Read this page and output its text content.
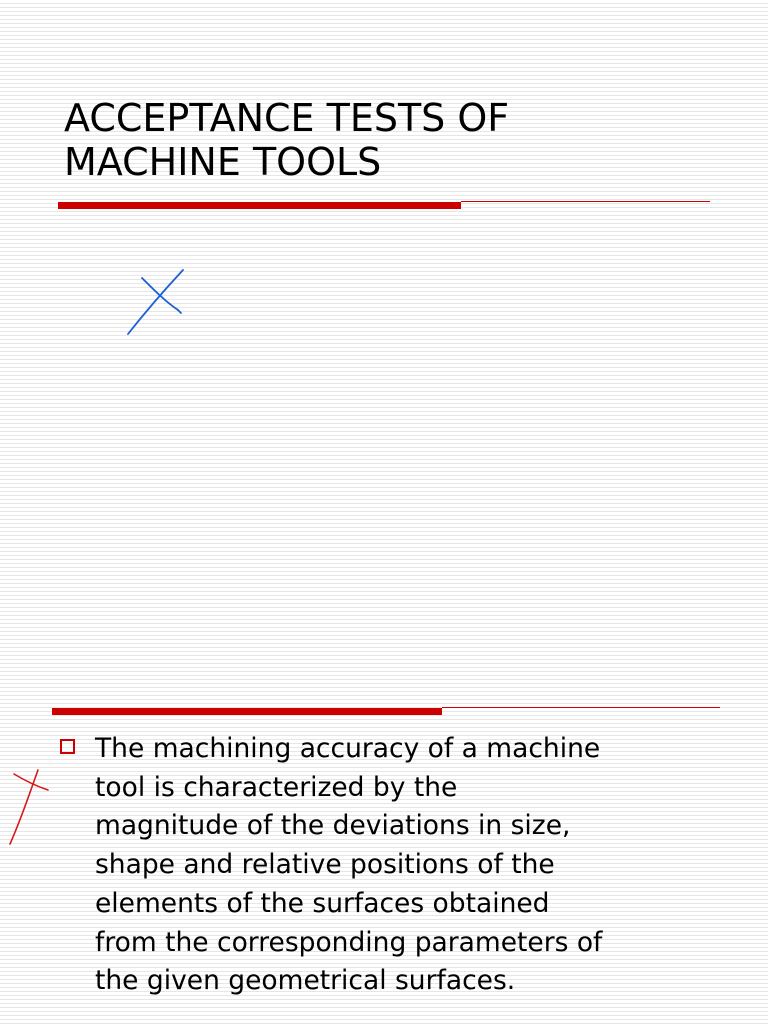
ACCEPTANCE TESTS OF
MACHINE TOOLS
The machining accuracy of a machine
tool is characterized by the
magnitude of the deviations in size,
shape and relative positions of the
elements of the surfaces obtained
from the corresponding parameters of
the given geometrical surfaces.
